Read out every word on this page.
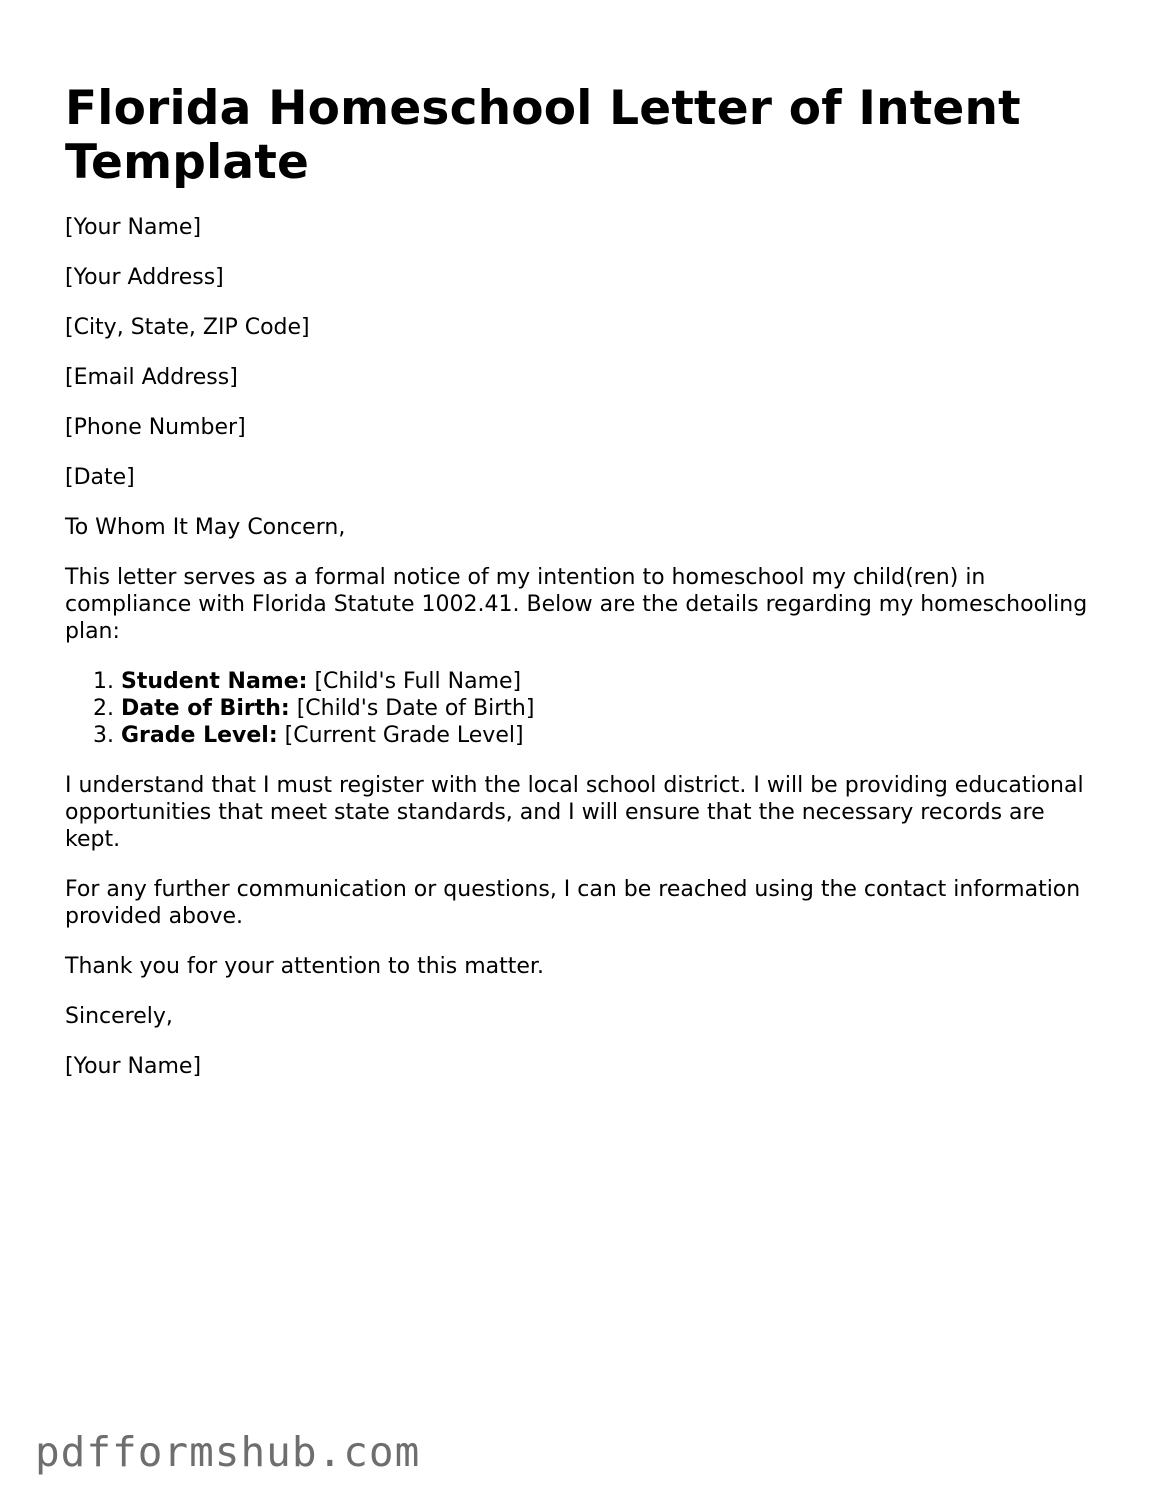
Florida Homeschool Letter of Intent Template

[Your Name]

[Your Address]

[City, State, ZIP Code]

[Email Address]

[Phone Number]

[Date]

To Whom It May Concern,

This letter serves as a formal notice of my intention to homeschool my child(ren) in compliance with Florida Statute 1002.41. Below are the details regarding my homeschooling plan:

1. Student Name: [Child's Full Name]
2. Date of Birth: [Child's Date of Birth]
3. Grade Level: [Current Grade Level]

I understand that I must register with the local school district. I will be providing educational opportunities that meet state standards, and I will ensure that the necessary records are kept.

For any further communication or questions, I can be reached using the contact information provided above.

Thank you for your attention to this matter.

Sincerely,

[Your Name]

pdfformshub.com
